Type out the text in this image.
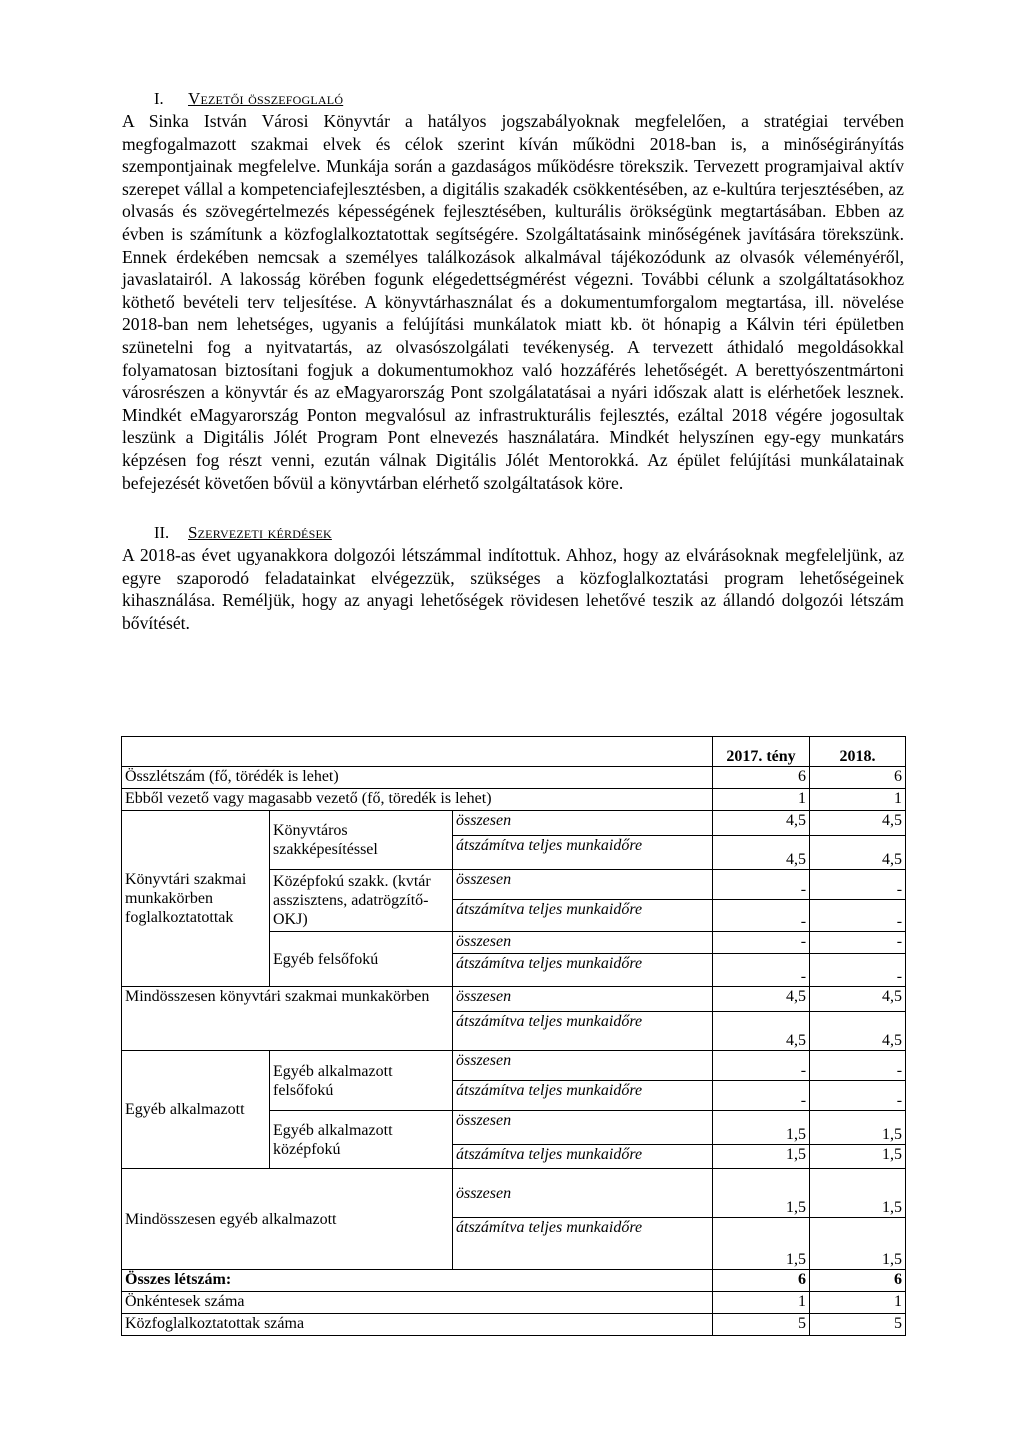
I. Vezetői összefoglaló

A Sinka István Városi Könyvtár a hatályos jogszabályoknak megfelelően, a stratégiai tervében megfogalmazott szakmai elvek és célok szerint kíván működni 2018-ban is, a minőségirányítás szempontjainak megfelelve. Munkája során a gazdaságos működésre törekszik. Tervezett programjaival aktív szerepet vállal a kompetenciafejlesztésben, a digitális szakadék csökkentésében, az e-kultúra terjesztésében, az olvasás és szövegértelmezés képességének fejlesztésében, kulturális örökségünk megtartásában. Ebben az évben is számítunk a közfoglalkoztatottak segítségére. Szolgáltatásaink minőségének javítására törekszünk. Ennek érdekében nemcsak a személyes találkozások alkalmával tájékozódunk az olvasók véleményéről, javaslatairól. A lakosság körében fogunk elégedettségmérést végezni. További célunk a szolgáltatásokhoz köthető bevételi terv teljesítése. A könyvtárhasználat és a dokumentumforgalom megtartása, ill. növelése 2018-ban nem lehetséges, ugyanis a felújítási munkálatok miatt kb. öt hónapig a Kálvin téri épületben szünetelni fog a nyitvatartás, az olvasószolgálati tevékenység. A tervezett áthidaló megoldásokkal folyamatosan biztosítani fogjuk a dokumentumokhoz való hozzáférés lehetőségét. A berettyószentmártoni városrészen a könyvtár és az eMagyarország Pont szolgálatatásai a nyári időszak alatt is elérhetőek lesznek. Mindkét eMagyarország Ponton megvalósul az infrastrukturális fejlesztés, ezáltal 2018 végére jogosultak leszünk a Digitális Jólét Program Pont elnevezés használatára. Mindkét helyszínen egy-egy munkatárs képzésen fog részt venni, ezután válnak Digitális Jólét Mentorokká. Az épület felújítási munkálatainak befejezését követően bővül a könyvtárban elérhető szolgáltatások köre.

II. Szervezeti kérdések

A 2018-as évet ugyanakkora dolgozói létszámmal indítottuk. Ahhoz, hogy az elvárásoknak megfeleljünk, az egyre szaporodó feladatainkat elvégezzük, szükséges a közfoglalkoztatási program lehetőségeinek kihasználása. Reméljük, hogy az anyagi lehetőségek rövidesen lehetővé teszik az állandó dolgozói létszám bővítését.

			2017. tény	2018.
Összlétszám (fő, törédék is lehet)			6	6
Ebből vezető vagy magasabb vezető (fő, töredék is lehet)			1	1
Könyvtári szakmai munkakörben foglalkoztatottak	Könyvtáros szakképesítéssel	összesen	4,5	4,5
		átszámítva teljes munkaidőre	4,5	4,5
	Középfokú szakk. (kvtár asszisztens, adatrögzítő-OKJ)	összesen	-	-
		átszámítva teljes munkaidőre	-	-
	Egyéb felsőfokú	összesen	-	-
		átszámítva teljes munkaidőre	-	-
Mindösszesen könyvtári szakmai munkakörben		összesen	4,5	4,5
		átszámítva teljes munkaidőre	4,5	4,5
Egyéb alkalmazott	Egyéb alkalmazott felsőfokú	összesen	-	-
		átszámítva teljes munkaidőre	-	-
	Egyéb alkalmazott középfokú	összesen	1,5	1,5
		átszámítva teljes munkaidőre	1,5	1,5
Mindösszesen egyéb alkalmazott		összesen	1,5	1,5
		átszámítva teljes munkaidőre	1,5	1,5
Összes létszám:			6	6
Önkéntesek száma			1	1
Közfoglalkoztatottak száma			5	5
